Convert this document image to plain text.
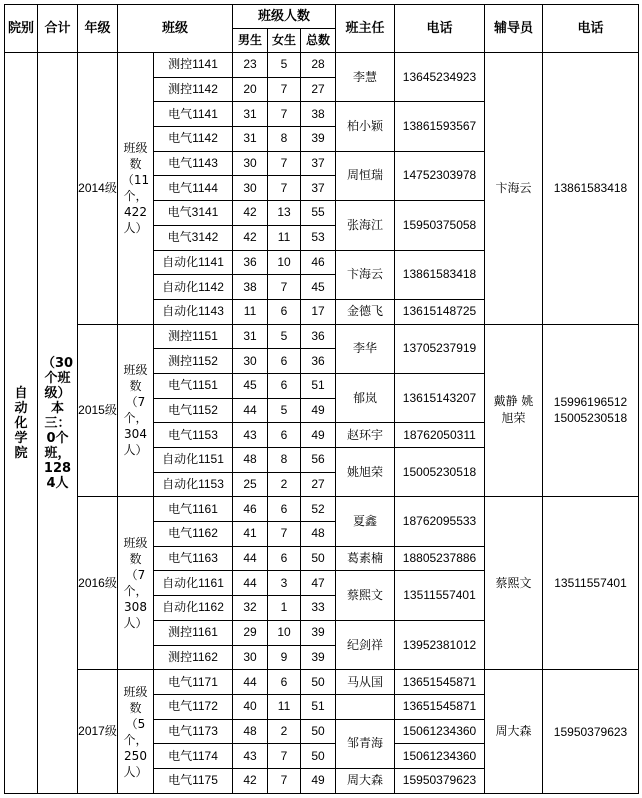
院别	合计	年级	班级		班级人数			班主任	电话	辅导员	电话
					男生	女生	总数				
自动化学院	（30个班级）本三：0个班，1284人	2014级	班级数（11个，422人）	测控1141	23	5	28	李慧	13645234923	卞海云	13861583418
				测控1142	20	7	27				
				电气1141	31	7	38	柏小颖	13861593567		
				电气1142	31	8	39				
				电气1143	30	7	37	周恒瑞	14752303978		
				电气1144	30	7	37				
				电气3141	42	13	55	张海江	15950375058		
				电气3142	42	11	53				
				自动化1141	36	10	46	卞海云	13861583418		
				自动化1142	38	7	45				
				自动化1143	11	6	17	金德飞	13615148725		
		2015级	班级数（7个，304人）	测控1151	31	5	36	李华	13705237919	戴静 姚旭荣	15996196512 15005230518
				测控1152	30	6	36				
				电气1151	45	6	51	郁岚	13615143207		
				电气1152	44	5	49				
				电气1153	43	6	49	赵环宇	18762050311		
				自动化1151	48	8	56	姚旭荣	15005230518		
				自动化1153	25	2	27				
		2016级	班级数（7个，308人）	电气1161	46	6	52	夏鑫	18762095533	蔡熙文	13511557401
				电气1162	41	7	48				
				电气1163	44	6	50	葛素楠	18805237886		
				自动化1161	44	3	47	蔡熙文	13511557401		
				自动化1162	32	1	33				
				测控1161	29	10	39	纪剑祥	13952381012		
				测控1162	30	9	39				
		2017级	班级数（5个，250人）	电气1171	44	6	50	马从国	13651545871	周大森	15950379623
				电气1172	40	11	51		13651545871		
				电气1173	48	2	50	邹青海	15061234360		
				电气1174	43	7	50		15061234360		
				电气1175	42	7	49	周大森	15950379623		
